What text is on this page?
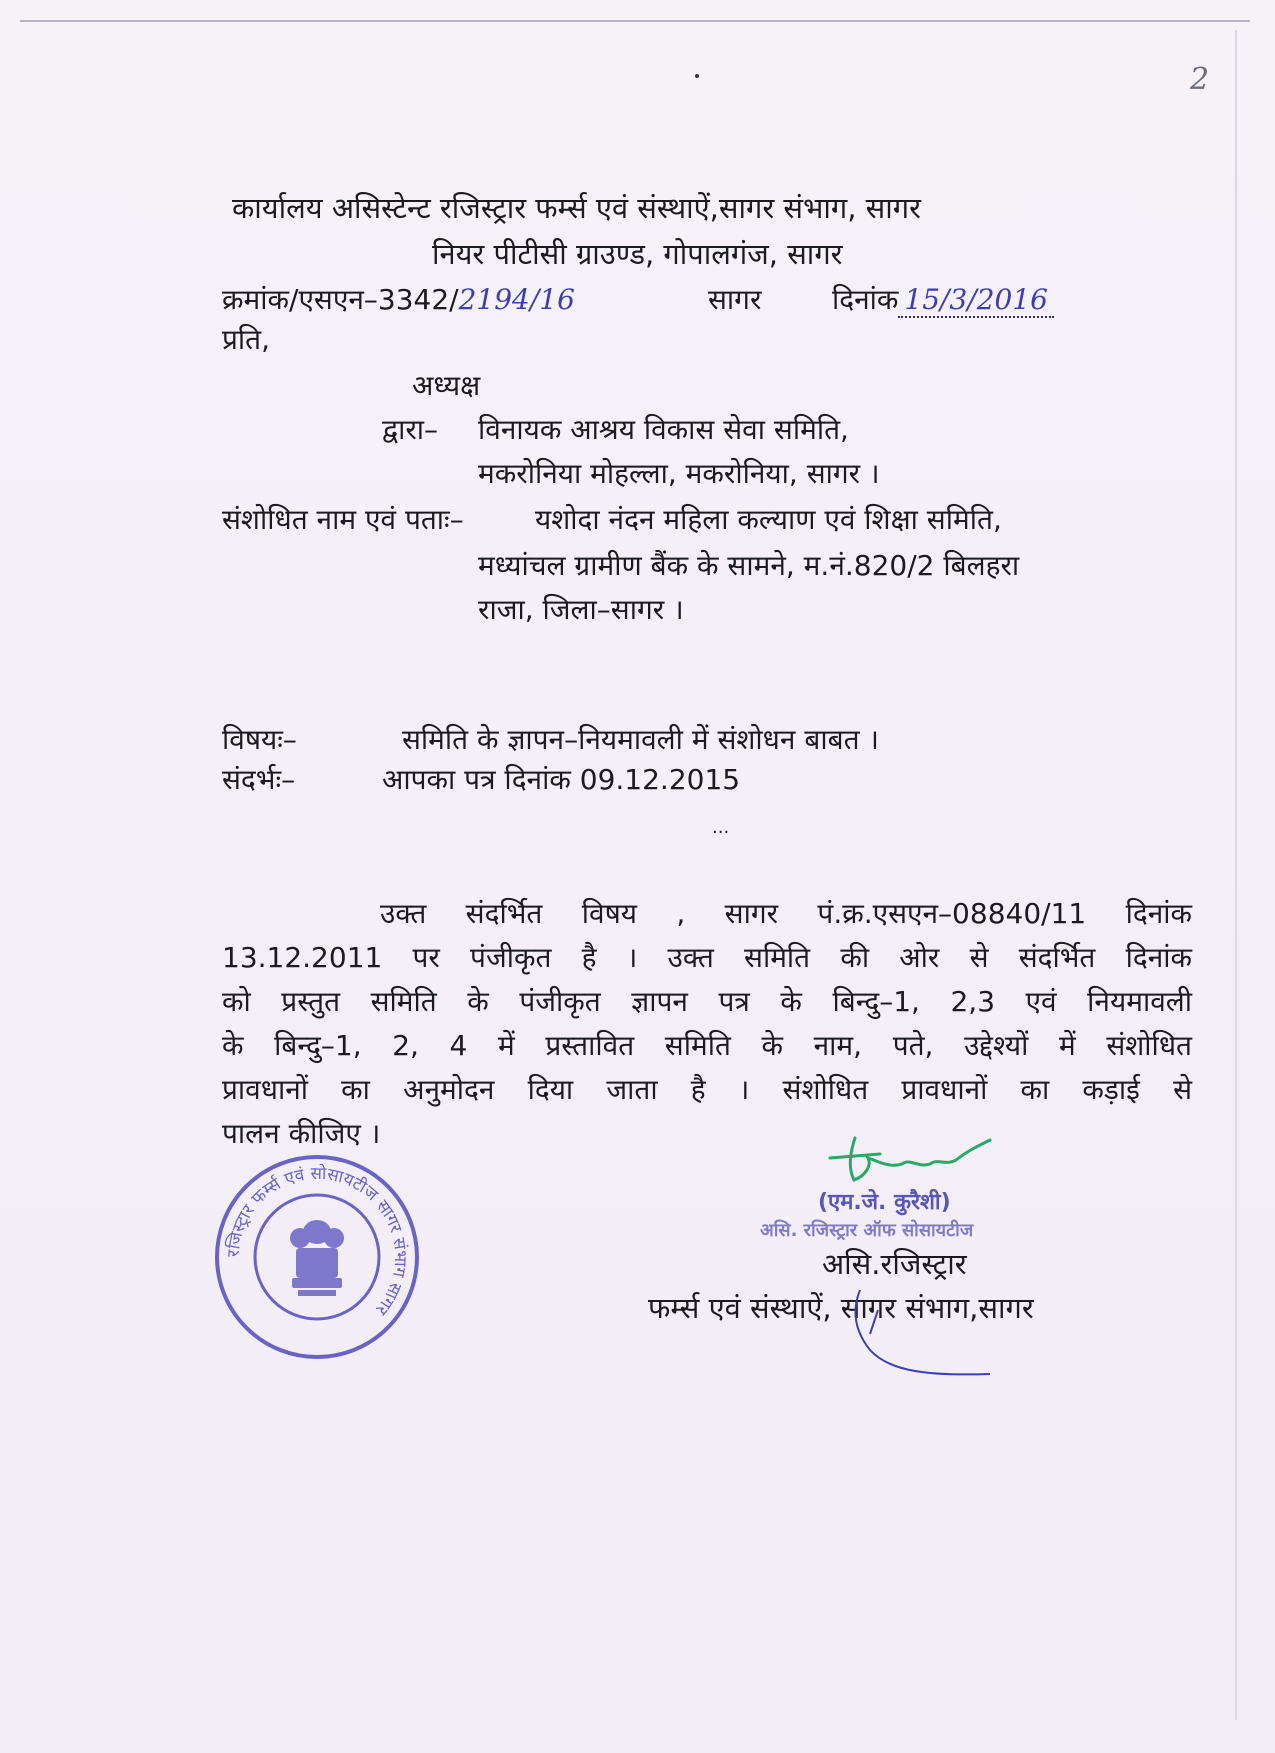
2
कार्यालय असिस्टेन्ट रजिस्ट्रार फर्म्स एवं संस्थाऐं,सागर संभाग, सागर
नियर पीटीसी ग्राउण्ड, गोपालगंज, सागर
क्रमांक/एसएन–3342/2194/16	सागर	दिनांक 15/3/2016
प्रति,
अध्यक्ष
द्वारा– विनायक आश्रय विकास सेवा समिति,
मकरोनिया मोहल्ला, मकरोनिया, सागर ।
संशोधित नाम एवं पताः–	यशोदा नंदन महिला कल्याण एवं शिक्षा समिति,
मध्यांचल ग्रामीण बैंक के सामने, म.नं.820/2 बिलहरा
राजा, जिला–सागर ।
विषयः–	समिति के ज्ञापन–नियमावली में संशोधन बाबत ।
संदर्भः–	आपका पत्र दिनांक 09.12.2015
...
उक्त संदर्भित विषय , सागर पं.क्र.एसएन–08840/11 दिनांक
13.12.2011 पर पंजीकृत है । उक्त समिति की ओर से संदर्भित दिनांक
को प्रस्तुत समिति के पंजीकृत ज्ञापन पत्र के बिन्दु–1, 2,3 एवं नियमावली
के बिन्दु–1, 2, 4 में प्रस्तावित समिति के नाम, पते, उद्देश्यों में संशोधित
प्रावधानों का अनुमोदन दिया जाता है । संशोधित प्रावधानों का कड़ाई से
पालन कीजिए ।
रजिस्ट्रार फर्म्स एवं सोसायटीज सागर संभाग सागर
(एम.जे. कुरैशी)
असि. रजिस्ट्रार ऑफ सोसायटीज
असि.रजिस्ट्रार
फर्म्स एवं संस्थाऐं, सागर संभाग,सागर
